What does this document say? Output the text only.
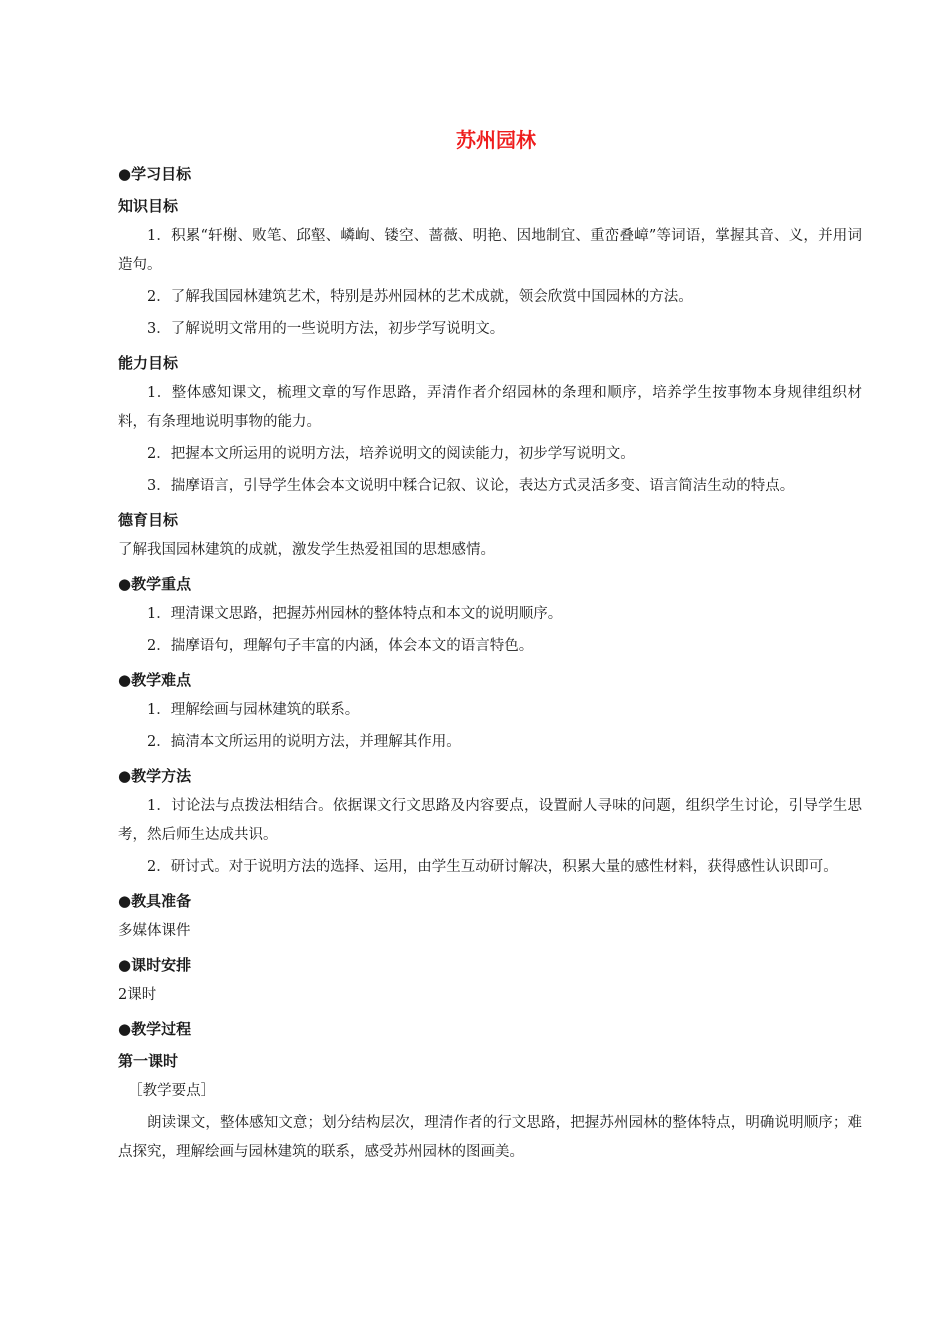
苏州园林
●学习目标
知识目标

1．积累“轩榭、败笔、邱壑、嶙峋、镂空、蔷薇、明艳、因地制宜、重峦叠嶂”等词语，掌握其音、义，并用词造句。

2．了解我国园林建筑艺术，特别是苏州园林的艺术成就，领会欣赏中国园林的方法。

3．了解说明文常用的一些说明方法，初步学写说明文。

能力目标

1．整体感知课文，梳理文章的写作思路，弄清作者介绍园林的条理和顺序，培养学生按事物本身规律组织材料，有条理地说明事物的能力。

2．把握本文所运用的说明方法，培养说明文的阅读能力，初步学写说明文。

3．揣摩语言，引导学生体会本文说明中糅合记叙、议论，表达方式灵活多变、语言简洁生动的特点。

德育目标

了解我国园林建筑的成就，激发学生热爱祖国的思想感情。

●教学重点

1．理清课文思路，把握苏州园林的整体特点和本文的说明顺序。

2．揣摩语句，理解句子丰富的内涵，体会本文的语言特色。

●教学难点

1．理解绘画与园林建筑的联系。

2．搞清本文所运用的说明方法，并理解其作用。

●教学方法

1．讨论法与点拨法相结合。依据课文行文思路及内容要点，设置耐人寻味的问题，组织学生讨论，引导学生思考，然后师生达成共识。

2．研讨式。对于说明方法的选择、运用，由学生互动研讨解决，积累大量的感性材料，获得感性认识即可。

●教具准备

多媒体课件

●课时安排

2课时

●教学过程
第一课时

［教学要点］

朗读课文，整体感知文意；划分结构层次，理清作者的行文思路，把握苏州园林的整体特点，明确说明顺序；难点探究，理解绘画与园林建筑的联系，感受苏州园林的图画美。
